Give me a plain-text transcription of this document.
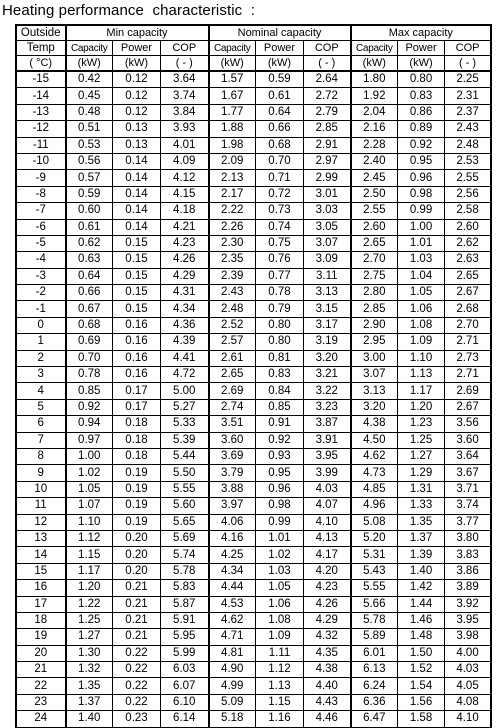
Heating performance  characteristic  :
Outside	Min capacity			Nominal capacity			Max capacity		
Temp	Capacity	Power	COP	Capacity	Power	COP	Capacity	Power	COP
( °C)	(kW)	(kW)	( - )	(kW)	(kW)	( - )	(kW)	(kW)	( - )
-15	0.42	0.12	3.64	1.57	0.59	2.64	1.80	0.80	2.25
-14	0.45	0.12	3.74	1.67	0.61	2.72	1.92	0.83	2.31
-13	0.48	0.12	3.84	1.77	0.64	2.79	2.04	0.86	2.37
-12	0.51	0.13	3.93	1.88	0.66	2.85	2.16	0.89	2.43
-11	0.53	0.13	4.01	1.98	0.68	2.91	2.28	0.92	2.48
-10	0.56	0.14	4.09	2.09	0.70	2.97	2.40	0.95	2.53
-9	0.57	0.14	4.12	2.13	0.71	2.99	2.45	0.96	2.55
-8	0.59	0.14	4.15	2.17	0.72	3.01	2.50	0.98	2.56
-7	0.60	0.14	4.18	2.22	0.73	3.03	2.55	0.99	2.58
-6	0.61	0.14	4.21	2.26	0.74	3.05	2.60	1.00	2.60
-5	0.62	0.15	4.23	2.30	0.75	3.07	2.65	1.01	2.62
-4	0.63	0.15	4.26	2.35	0.76	3.09	2.70	1.03	2.63
-3	0.64	0.15	4.29	2.39	0.77	3.11	2.75	1.04	2.65
-2	0.66	0.15	4.31	2.43	0.78	3.13	2.80	1.05	2.67
-1	0.67	0.15	4.34	2.48	0.79	3.15	2.85	1.06	2.68
0	0.68	0.16	4.36	2.52	0.80	3.17	2.90	1.08	2.70
1	0.69	0.16	4.39	2.57	0.80	3.19	2.95	1.09	2.71
2	0.70	0.16	4.41	2.61	0.81	3.20	3.00	1.10	2.73
3	0.78	0.16	4.72	2.65	0.83	3.21	3.07	1.13	2.71
4	0.85	0.17	5.00	2.69	0.84	3.22	3.13	1.17	2.69
5	0.92	0.17	5.27	2.74	0.85	3.23	3.20	1.20	2.67
6	0.94	0.18	5.33	3.51	0.91	3.87	4.38	1.23	3.56
7	0.97	0.18	5.39	3.60	0.92	3.91	4.50	1.25	3.60
8	1.00	0.18	5.44	3.69	0.93	3.95	4.62	1.27	3.64
9	1.02	0.19	5.50	3.79	0.95	3.99	4.73	1.29	3.67
10	1.05	0.19	5.55	3.88	0.96	4.03	4.85	1.31	3.71
11	1.07	0.19	5.60	3.97	0.98	4.07	4.96	1.33	3.74
12	1.10	0.19	5.65	4.06	0.99	4.10	5.08	1.35	3.77
13	1.12	0.20	5.69	4.16	1.01	4.13	5.20	1.37	3.80
14	1.15	0.20	5.74	4.25	1.02	4.17	5.31	1.39	3.83
15	1.17	0.20	5.78	4.34	1.03	4.20	5.43	1.40	3.86
16	1.20	0.21	5.83	4.44	1.05	4.23	5.55	1.42	3.89
17	1.22	0.21	5.87	4.53	1.06	4.26	5.66	1.44	3.92
18	1.25	0.21	5.91	4.62	1.08	4.29	5.78	1.46	3.95
19	1.27	0.21	5.95	4.71	1.09	4.32	5.89	1.48	3.98
20	1.30	0.22	5.99	4.81	1.11	4.35	6.01	1.50	4.00
21	1.32	0.22	6.03	4.90	1.12	4.38	6.13	1.52	4.03
22	1.35	0.22	6.07	4.99	1.13	4.40	6.24	1.54	4.05
23	1.37	0.22	6.10	5.09	1.15	4.43	6.36	1.56	4.08
24	1.40	0.23	6.14	5.18	1.16	4.46	6.47	1.58	4.10
